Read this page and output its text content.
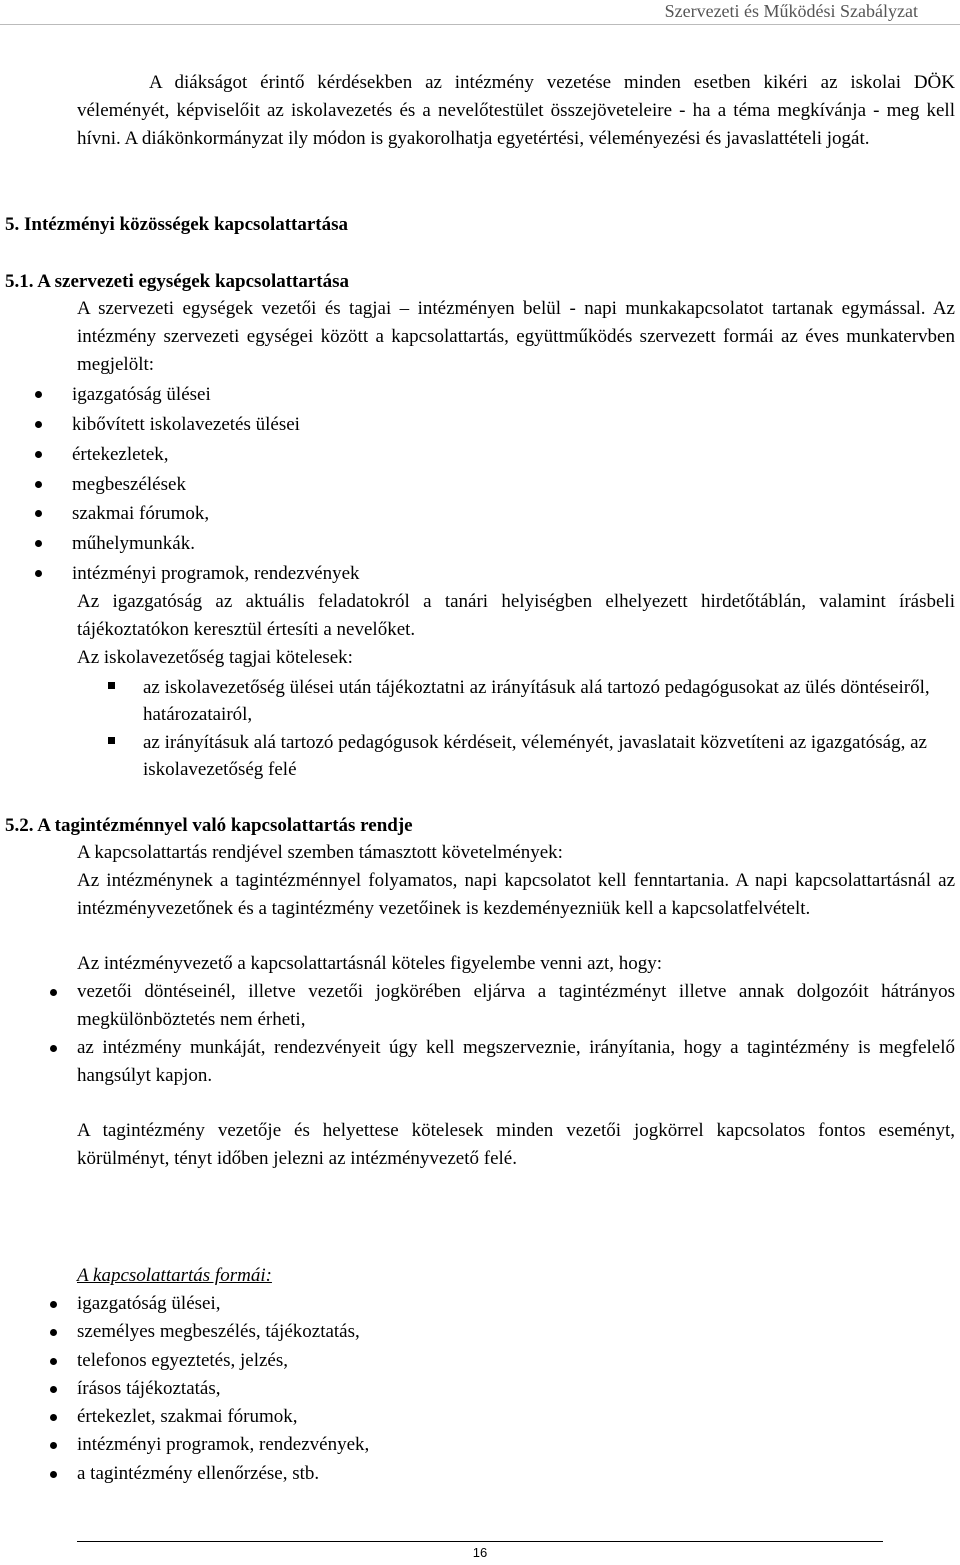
Szervezeti és Működési Szabályzat

A diákságot érintő kérdésekben az intézmény vezetése minden esetben kikéri az iskolai DÖK véleményét, képviselőit az iskolavezetés és a nevelőtestület összejöveteleire - ha a téma megkívánja - meg kell hívni. A diákönkormányzat ily módon is gyakorolhatja egyetértési, véleményezési és javaslattételi jogát.

5. Intézményi közösségek kapcsolattartása
5.1. A szervezeti egységek kapcsolattartása

A szervezeti egységek vezetői és tagjai – intézményen belül - napi munkakapcsolatot tartanak egymással. Az intézmény szervezeti egységei között a kapcsolattartás, együttműködés szervezett formái az éves munkatervben megjelölt:

igazgatóság ülései
kibővített iskolavezetés ülései
értekezletek,
megbeszélések
szakmai fórumok,
műhelymunkák.
intézményi programok, rendezvények

Az igazgatóság az aktuális feladatokról a tanári helyiségben elhelyezett hirdetőtáblán, valamint írásbeli tájékoztatókon keresztül értesíti a nevelőket.

Az iskolavezetőség tagjai kötelesek:

az iskolavezetőség ülései után tájékoztatni az irányításuk alá tartozó pedagógusokat az ülés döntéseiről, határozatairól,
az irányításuk alá tartozó pedagógusok kérdéseit, véleményét, javaslatait közvetíteni az igazgatóság, az iskolavezetőség felé
5.2. A tagintézménnyel való kapcsolattartás rendje

A kapcsolattartás rendjével szemben támasztott követelmények:

Az intézménynek a tagintézménnyel folyamatos, napi kapcsolatot kell fenntartania. A napi kapcsolattartásnál az intézményvezetőnek és a tagintézmény vezetőinek is kezdeményezniük kell a kapcsolatfelvételt.

Az intézményvezető a kapcsolattartásnál köteles figyelembe venni azt, hogy:

vezetői döntéseinél, illetve vezetői jogkörében eljárva a tagintézményt illetve annak dolgozóit hátrányos megkülönböztetés nem érheti,
az intézmény munkáját, rendezvényeit úgy kell megszerveznie, irányítania, hogy a tagintézmény is megfelelő hangsúlyt kapjon.

A tagintézmény vezetője és helyettese kötelesek minden vezetői jogkörrel kapcsolatos fontos eseményt, körülményt, tényt időben jelezni az intézményvezető felé.

A kapcsolattartás formái:
igazgatóság ülései,
személyes megbeszélés, tájékoztatás,
telefonos egyeztetés, jelzés,
írásos tájékoztatás,
értekezlet, szakmai fórumok,
intézményi programok, rendezvények,
a tagintézmény ellenőrzése, stb.
16
